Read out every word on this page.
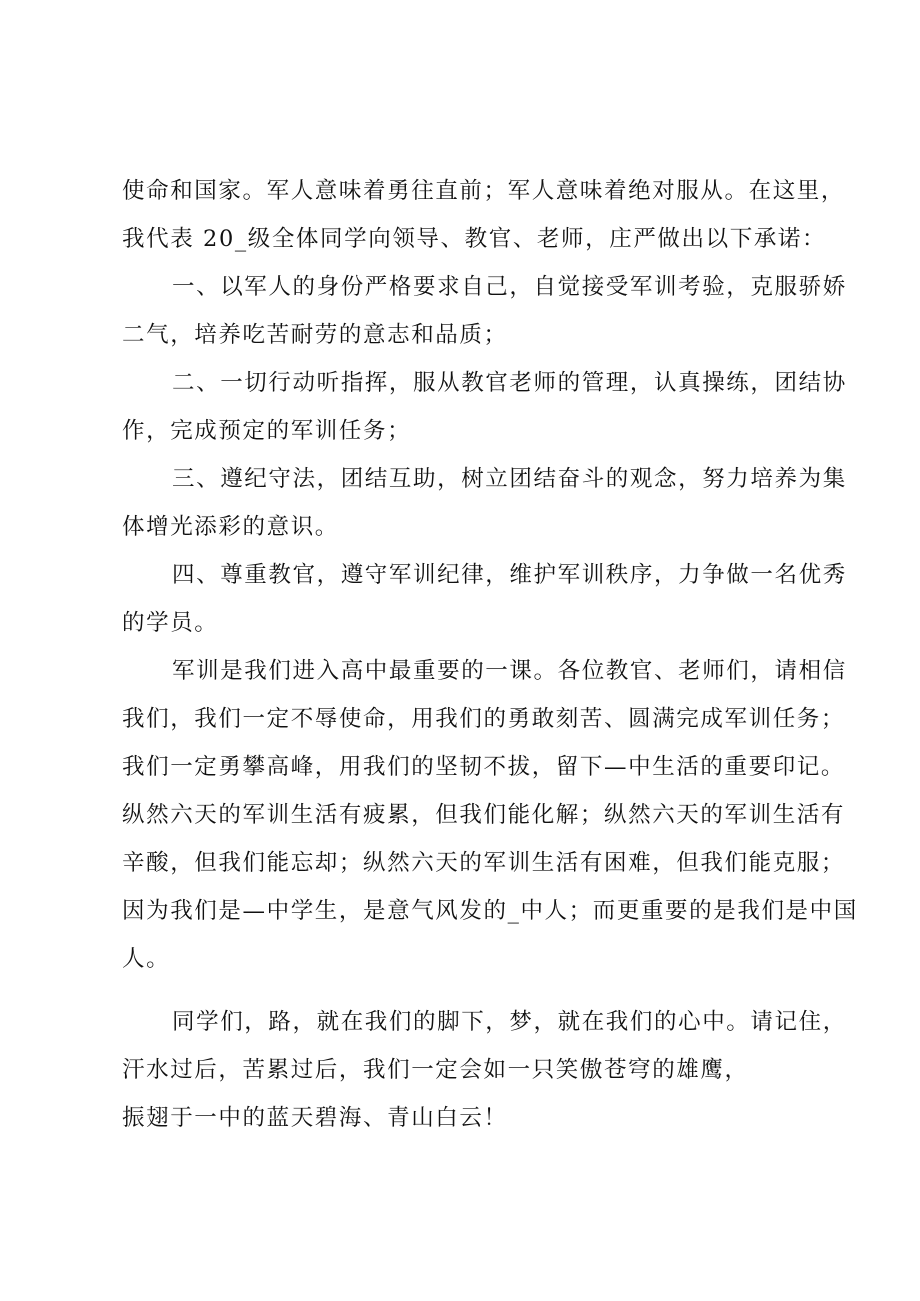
使命和国家。军人意味着勇往直前；军人意味着绝对服从。在这里，
我代表 20_级全体同学向领导、教官、老师，庄严做出以下承诺：
一、以军人的身份严格要求自己，自觉接受军训考验，克服骄娇
二气，培养吃苦耐劳的意志和品质；
二、一切行动听指挥，服从教官老师的管理，认真操练，团结协
作，完成预定的军训任务；
三、遵纪守法，团结互助，树立团结奋斗的观念，努力培养为集
体增光添彩的意识。
四、尊重教官，遵守军训纪律，维护军训秩序，力争做一名优秀
的学员。
军训是我们进入高中最重要的一课。各位教官、老师们，请相信
我们，我们一定不辱使命，用我们的勇敢刻苦、圆满完成军训任务；
我们一定勇攀高峰，用我们的坚韧不拔，留下—中生活的重要印记。
纵然六天的军训生活有疲累，但我们能化解；纵然六天的军训生活有
辛酸，但我们能忘却；纵然六天的军训生活有困难，但我们能克服；
因为我们是—中学生，是意气风发的_中人；而更重要的是我们是中国
人。
同学们，路，就在我们的脚下，梦，就在我们的心中。请记住，
汗水过后，苦累过后，我们一定会如一只笑傲苍穹的雄鹰，
振翅于一中的蓝天碧海、青山白云！
